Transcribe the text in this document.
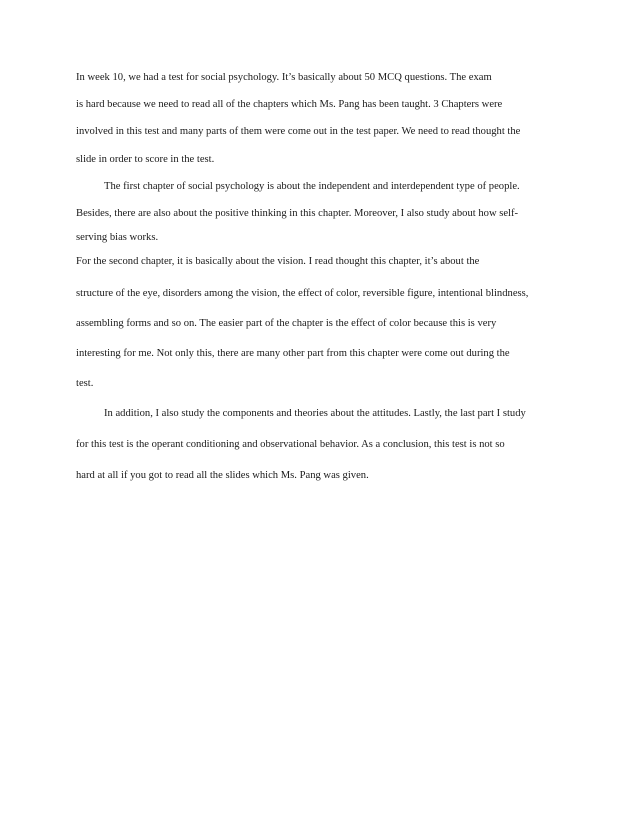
In week 10, we had a test for social psychology. It’s basically about 50 MCQ questions. The exam
is hard because we need to read all of the chapters which Ms. Pang has been taught. 3 Chapters were
involved in this test and many parts of them were come out in the test paper. We need to read thought the
slide in order to score in the test.
The first chapter of social psychology is about the independent and interdependent type of people.
Besides, there are also about the positive thinking in this chapter. Moreover, I also study about how self-
serving bias works.
For the second chapter, it is basically about the vision. I read thought this chapter, it’s about the
structure of the eye, disorders among the vision, the effect of color, reversible figure, intentional blindness,
assembling forms and so on. The easier part of the chapter is the effect of color because this is very
interesting for me. Not only this, there are many other part from this chapter were come out during the
test.
In addition, I also study the components and theories about the attitudes. Lastly, the last part I study
for this test is the operant conditioning and observational behavior. As a conclusion, this test is not so
hard at all if you got to read all the slides which Ms. Pang was given.
